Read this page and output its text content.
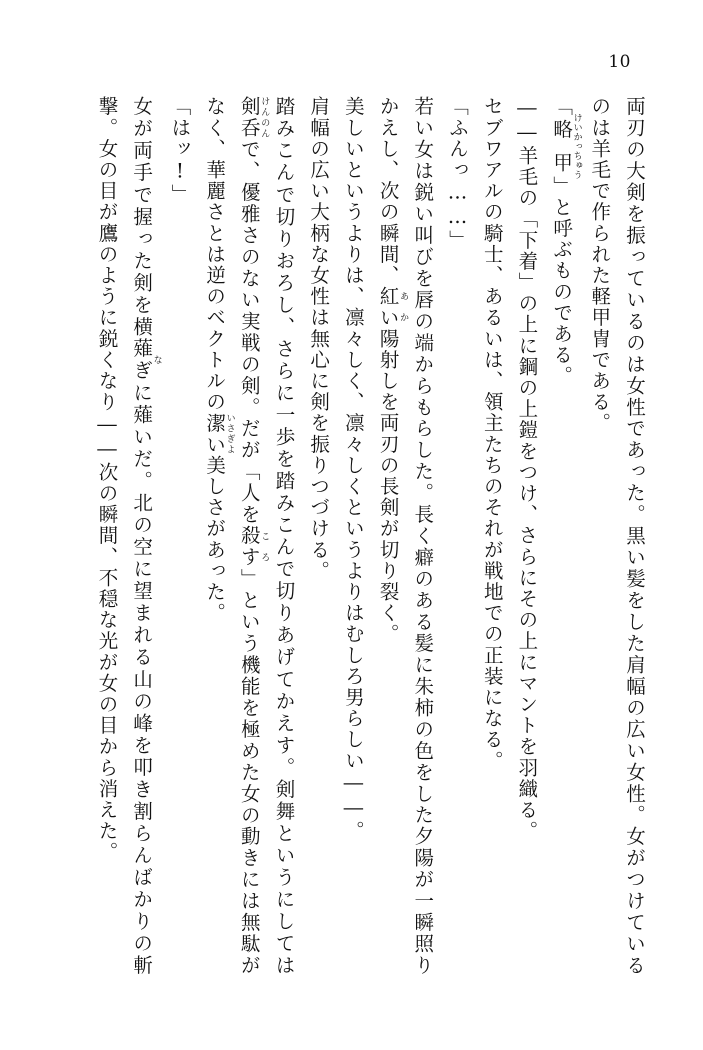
10

両刃の大剣を振っているのは女性であった。黒い髪をした肩幅の広い女性。女がつけているのは羊毛で作られた軽甲冑である。

「略甲けいかっちゅう」と呼ぶものである。

――羊毛の「下着」の上に鋼の上鎧をつけ、さらにその上にマントを羽織る。

セブワアルの騎士、あるいは、領主たちのそれが戦地での正装になる。

「ふんっ……」

若い女は鋭い叫びを唇の端からもらした。長く癖のある髪に朱柿の色をした夕陽が一瞬照りかえし、次の瞬間、紅いあか陽射しを両刃の長剣が切り裂く。

美しいというよりは、凛々しく、凛々しくというよりはむしろ男らしい――。

肩幅の広い大柄な女性は無心に剣を振りつづける。

踏みこんで切りおろし、さらに一歩を踏みこんで切りあげてかえす。剣舞というにしては剣呑けんのんで、優雅さのない実戦の剣。だが「人を殺すころ」という機能を極めた女の動きには無駄がなく、華麗さとは逆のベクトルの潔いいさぎよ美しさがあった。

「はッ!」

女が両手で握った剣を横薙ぎなに薙いだ。北の空に望まれる山の峰を叩き割らんばかりの斬撃。女の目が鷹のように鋭くなり――次の瞬間、不穏な光が女の目から消えた。
